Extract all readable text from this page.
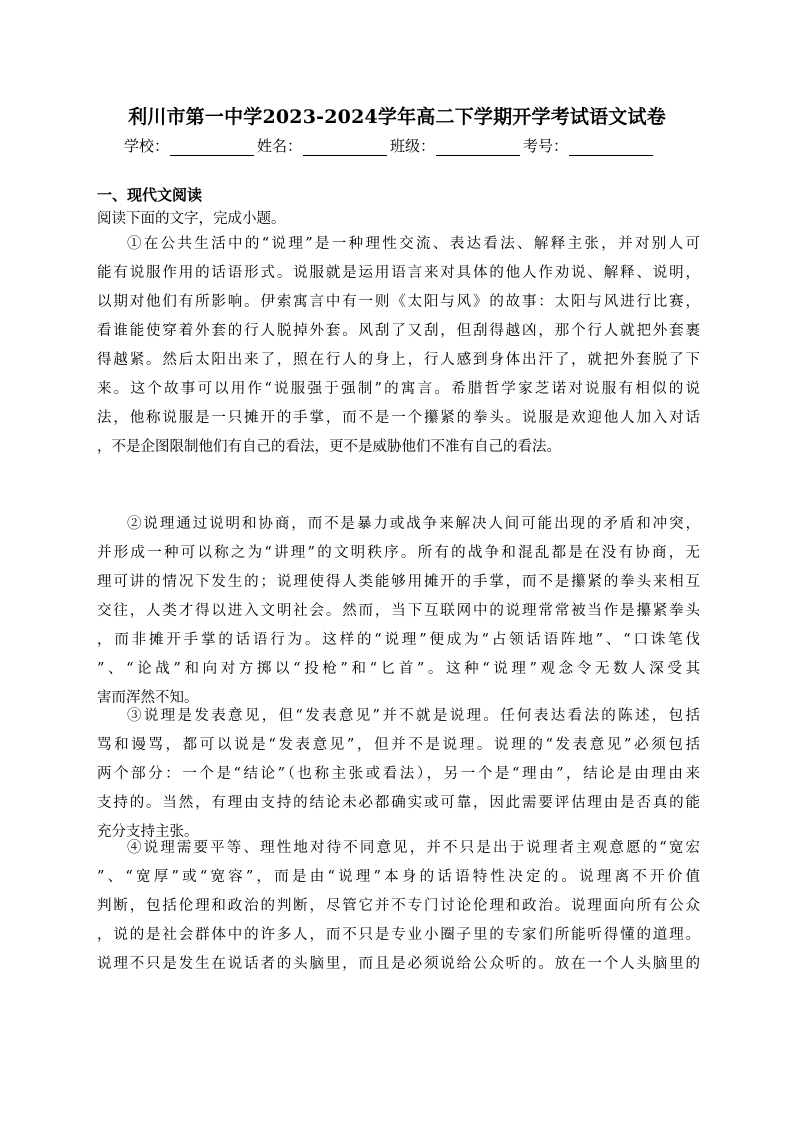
利川市第一中学2023-2024学年高二下学期开学考试语文试卷
学校：	姓名：	班级：	考号：
一、现代文阅读
阅读下面的文字，完成小题。
①在公共生活中的“说理”是一种理性交流、表达看法、解释主张，并对别人可
能有说服作用的话语形式。说服就是运用语言来对具体的他人作劝说、解释、说明，
以期对他们有所影响。伊索寓言中有一则《太阳与风》的故事：太阳与风进行比赛，
看谁能使穿着外套的行人脱掉外套。风刮了又刮，但刮得越凶，那个行人就把外套裹
得越紧。然后太阳出来了，照在行人的身上，行人感到身体出汗了，就把外套脱了下
来。这个故事可以用作“说服强于强制”的寓言。希腊哲学家芝诺对说服有相似的说
法，他称说服是一只摊开的手掌，而不是一个攥紧的拳头。说服是欢迎他人加入对话
，不是企图限制他们有自己的看法，更不是威胁他们不准有自己的看法。
②说理通过说明和协商，而不是暴力或战争来解决人间可能出现的矛盾和冲突，
并形成一种可以称之为“讲理”的文明秩序。所有的战争和混乱都是在没有协商，无
理可讲的情况下发生的；说理使得人类能够用摊开的手掌，而不是攥紧的拳头来相互
交往，人类才得以进入文明社会。然而，当下互联网中的说理常常被当作是攥紧拳头
，而非摊开手掌的话语行为。这样的“说理”便成为“占领话语阵地”、“口诛笔伐
”、“论战”和向对方掷以“投枪”和“匕首”。这种“说理”观念令无数人深受其
害而浑然不知。
③说理是发表意见，但“发表意见”并不就是说理。任何表达看法的陈述，包括
骂和谩骂，都可以说是“发表意见”，但并不是说理。说理的“发表意见”必须包括
两个部分：一个是“结论”（也称主张或看法），另一个是“理由”，结论是由理由来
支持的。当然，有理由支持的结论未必都确实或可靠，因此需要评估理由是否真的能
充分支持主张。
④说理需要平等、理性地对待不同意见，并不只是出于说理者主观意愿的“宽宏
”、“宽厚”或“宽容”，而是由“说理”本身的话语特性决定的。说理离不开价值
判断，包括伦理和政治的判断，尽管它并不专门讨论伦理和政治。说理面向所有公众
，说的是社会群体中的许多人，而不只是专业小圈子里的专家们所能听得懂的道理。
说理不只是发生在说话者的头脑里，而且是必须说给公众听的。放在一个人头脑里的
